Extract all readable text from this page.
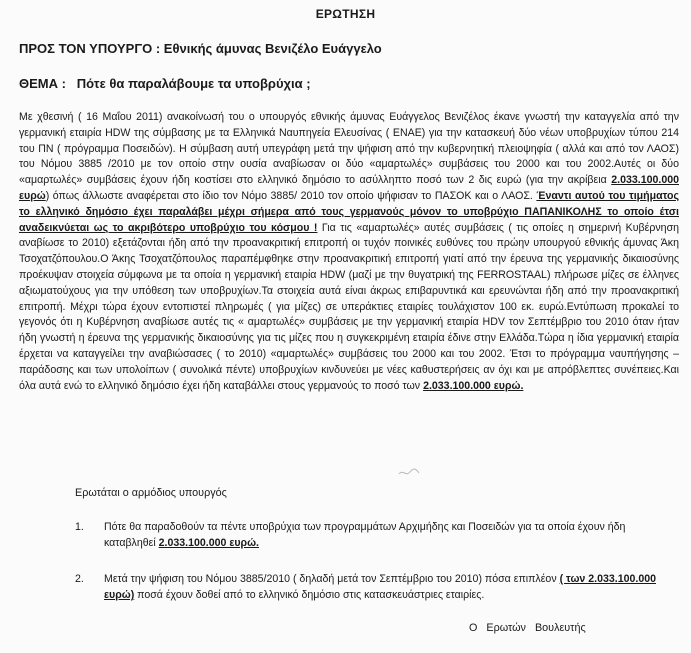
ΕΡΩΤΗΣΗ
ΠΡΟΣ ΤΟΝ ΥΠΟΥΡΓΟ : Εθνικής άμυνας Βενιζέλο Ευάγγελο
ΘΕΜΑ :   Πότε θα παραλάβουμε τα υποβρύχια ;
Με χθεσινή ( 16 Μαΐου 2011) ανακοίνωσή του ο υπουργός εθνικής άμυνας Ευάγγελος Βενιζέλος έκανε γνωστή την καταγγελία από την γερμανική εταιρία HDW της σύμβασης με τα Ελληνικά Ναυπηγεία Ελευσίνας ( ΕΝΑΕ) για την κατασκευή δύο νέων υποβρυχίων τύπου 214 του ΠΝ ( πρόγραμμα Ποσειδών). Η σύμβαση αυτή υπεγράφη μετά την ψήφιση από την κυβερνητική πλειοψηφία ( αλλά και από τον ΛΑΟΣ) του Νόμου 3885 /2010 με τον οποίο στην ουσία αναβίωσαν οι δύο «αμαρτωλές» συμβάσεις του 2000 και του 2002.Αυτές οι δύο «αμαρτωλές» συμβάσεις έχουν ήδη κοστίσει στο ελληνικό δημόσιο το ασύλληπτο ποσό των 2 δις ευρώ (για την ακρίβεια 2.033.100.000 ευρώ) όπως άλλωστε αναφέρεται στο ίδιο τον Νόμο 3885/ 2010 τον οποίο ψήφισαν το ΠΑΣΟΚ και ο ΛΑΟΣ. Έναντι αυτού του τιμήματος το ελληνικό δημόσιο έχει παραλάβει μέχρι σήμερα από τους γερμανούς μόνον το υποβρύχιο ΠΑΠΑΝΙΚΟΛΗΣ το οποίο έτσι αναδεικνύεται ως το ακριβότερο υποβρύχιο του κόσμου ! Για τις «αμαρτωλές» αυτές συμβάσεις ( τις οποίες η σημερινή Κυβέρνηση αναβίωσε το 2010) εξετάζονται ήδη από την προανακριτική επιτροπή οι τυχόν ποινικές ευθύνες του πρώην υπουργού εθνικής άμυνας Άκη Τσοχατζόπουλου.Ο Άκης Τσοχατζόπουλος παραπέμφθηκε στην προανακριτική επιτροπή γιατί από την έρευνα της γερμανικής δικαιοσύνης προέκυψαν στοιχεία σύμφωνα με τα οποία η γερμανική εταιρία HDW (μαζί με την θυγατρική της FERROSTAAL) πλήρωσε μίζες σε έλληνες αξιωματούχους για την υπόθεση των υποβρυχίων.Τα στοιχεία αυτά είναι άκρως επιβαρυντικά και ερευνώνται ήδη από την προανακριτική επιτροπή. Μέχρι τώρα έχουν εντοπιστεί πληρωμές ( για μίζες) σε υπεράκτιες εταιρίες τουλάχιστον 100 εκ. ευρώ.Εντύπωση προκαλεί το γεγονός ότι η Κυβέρνηση αναβίωσε αυτές τις « αμαρτωλές» συμβάσεις με την γερμανική εταιρία HDV τον Σεπτέμβριο του 2010 όταν ήταν ήδη γνωστή η έρευνα της γερμανικής δικαιοσύνης για τις μίζες που η συγκεκριμένη εταιρία έδινε στην Ελλάδα.Τώρα η ίδια γερμανική εταιρία έρχεται να καταγγείλει την αναβιώσασες ( το 2010) «αμαρτωλές» συμβάσεις του 2000 και του 2002. Έτσι το πρόγραμμα ναυπήγησης –παράδοσης και των υπολοίπων ( συνολικά πέντε) υποβρυχίων κινδυνεύει με νέες καθυστερήσεις αν όχι και με απρόβλεπτες συνέπειες.Και όλα αυτά ενώ το ελληνικό δημόσιο έχει ήδη καταβάλλει στους γερμανούς το ποσό των 2.033.100.000 ευρώ.
Ερωτάται ο αρμόδιος υπουργός
1. Πότε θα παραδοθούν τα πέντε υποβρύχια των προγραμμάτων Αρχιμήδης και Ποσειδών για τα οποία έχουν ήδη καταβληθεί 2.033.100.000 ευρώ.
2. Μετά την ψήφιση του Νόμου 3885/2010 ( δηλαδή μετά τον Σεπτέμβριο του 2010) πόσα επιπλέον ( των 2.033.100.000 ευρώ) ποσά έχουν δοθεί από το ελληνικό δημόσιο στις κατασκευάστριες εταιρίες.
Ο Ερωτών Βουλευτής
